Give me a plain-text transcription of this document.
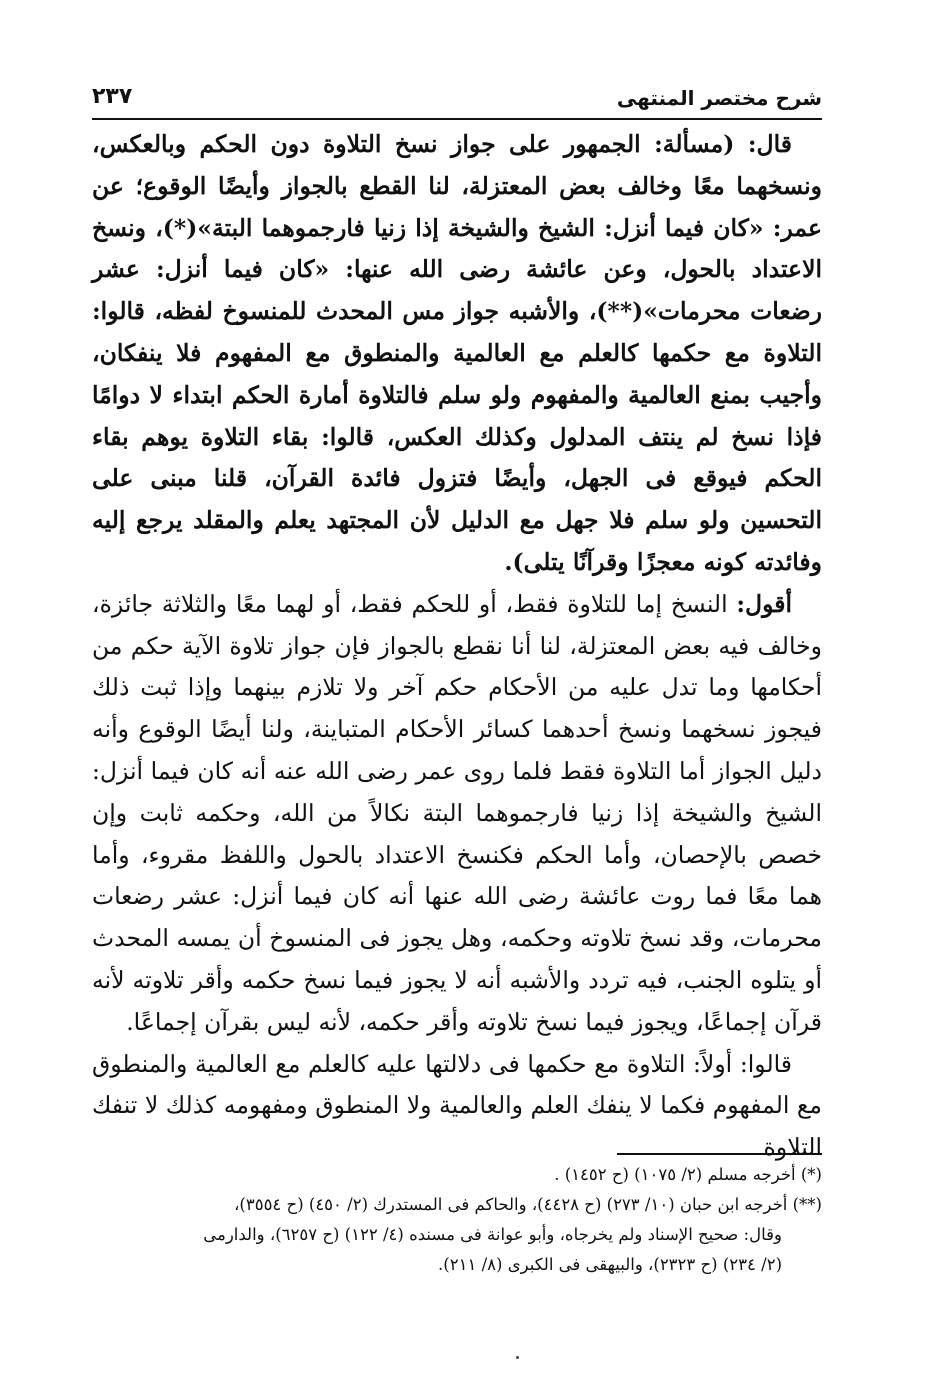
شرح مختصر المنتهى
٢٣٧

قال: (مسألة: الجمهور على جواز نسخ التلاوة دون الحكم وبالعكس، ونسخهما معًا وخالف بعض المعتزلة، لنا القطع بالجواز وأيضًا الوقوع؛ عن عمر: «كان فيما أنزل: الشيخ والشيخة إذا زنيا فارجموهما البتة»(*)، ونسخ الاعتداد بالحول، وعن عائشة رضى الله عنها: «كان فيما أنزل: عشر رضعات محرمات»(**)، والأشبه جواز مس المحدث للمنسوخ لفظه، قالوا: التلاوة مع حكمها كالعلم مع العالمية والمنطوق مع المفهوم فلا ينفكان، وأجيب بمنع العالمية والمفهوم ولو سلم فالتلاوة أمارة الحكم ابتداء لا دوامًا فإذا نسخ لم ينتف المدلول وكذلك العكس، قالوا: بقاء التلاوة يوهم بقاء الحكم فيوقع فى الجهل، وأيضًا فتزول فائدة القرآن، قلنا مبنى على التحسين ولو سلم فلا جهل مع الدليل لأن المجتهد يعلم والمقلد يرجع إليه وفائدته كونه معجزًا وقرآنًا يتلى).

أقول: النسخ إما للتلاوة فقط، أو للحكم فقط، أو لهما معًا والثلاثة جائزة، وخالف فيه بعض المعتزلة، لنا أنا نقطع بالجواز فإن جواز تلاوة الآية حكم من أحكامها وما تدل عليه من الأحكام حكم آخر ولا تلازم بينهما وإذا ثبت ذلك فيجوز نسخهما ونسخ أحدهما كسائر الأحكام المتباينة، ولنا أيضًا الوقوع وأنه دليل الجواز أما التلاوة فقط فلما روى عمر رضى الله عنه أنه كان فيما أنزل: الشيخ والشيخة إذا زنيا فارجموهما البتة نكالاً من الله، وحكمه ثابت وإن خصص بالإحصان، وأما الحكم فكنسخ الاعتداد بالحول واللفظ مقروء، وأما هما معًا فما روت عائشة رضى الله عنها أنه كان فيما أنزل: عشر رضعات محرمات، وقد نسخ تلاوته وحكمه، وهل يجوز فى المنسوخ أن يمسه المحدث أو يتلوه الجنب، فيه تردد والأشبه أنه لا يجوز فيما نسخ حكمه وأقر تلاوته لأنه قرآن إجماعًا، ويجوز فيما نسخ تلاوته وأقر حكمه، لأنه ليس بقرآن إجماعًا.

قالوا: أولاً: التلاوة مع حكمها فى دلالتها عليه كالعلم مع العالمية والمنطوق مع المفهوم فكما لا ينفك العلم والعالمية ولا المنطوق ومفهومه كذلك لا تنفك التلاوة

(*) أخرجه مسلم (٢/ ١٠٧٥) (ح ١٤٥٢) .

(**) أخرجه ابن حبان (١٠/ ٢٧٣) (ح ٤٤٢٨)، والحاكم فى المستدرك (٢/ ٤٥٠) (ح ٣٥٥٤)،

وقال: صحيح الإسناد ولم يخرجاه، وأبو عوانة فى مسنده (٤/ ١٢٢) (ح ٦٢٥٧)، والدارمى

(٢/ ٢٣٤) (ح ٢٣٢٣)، والبيهقى فى الكبرى (٨/ ٢١١).
